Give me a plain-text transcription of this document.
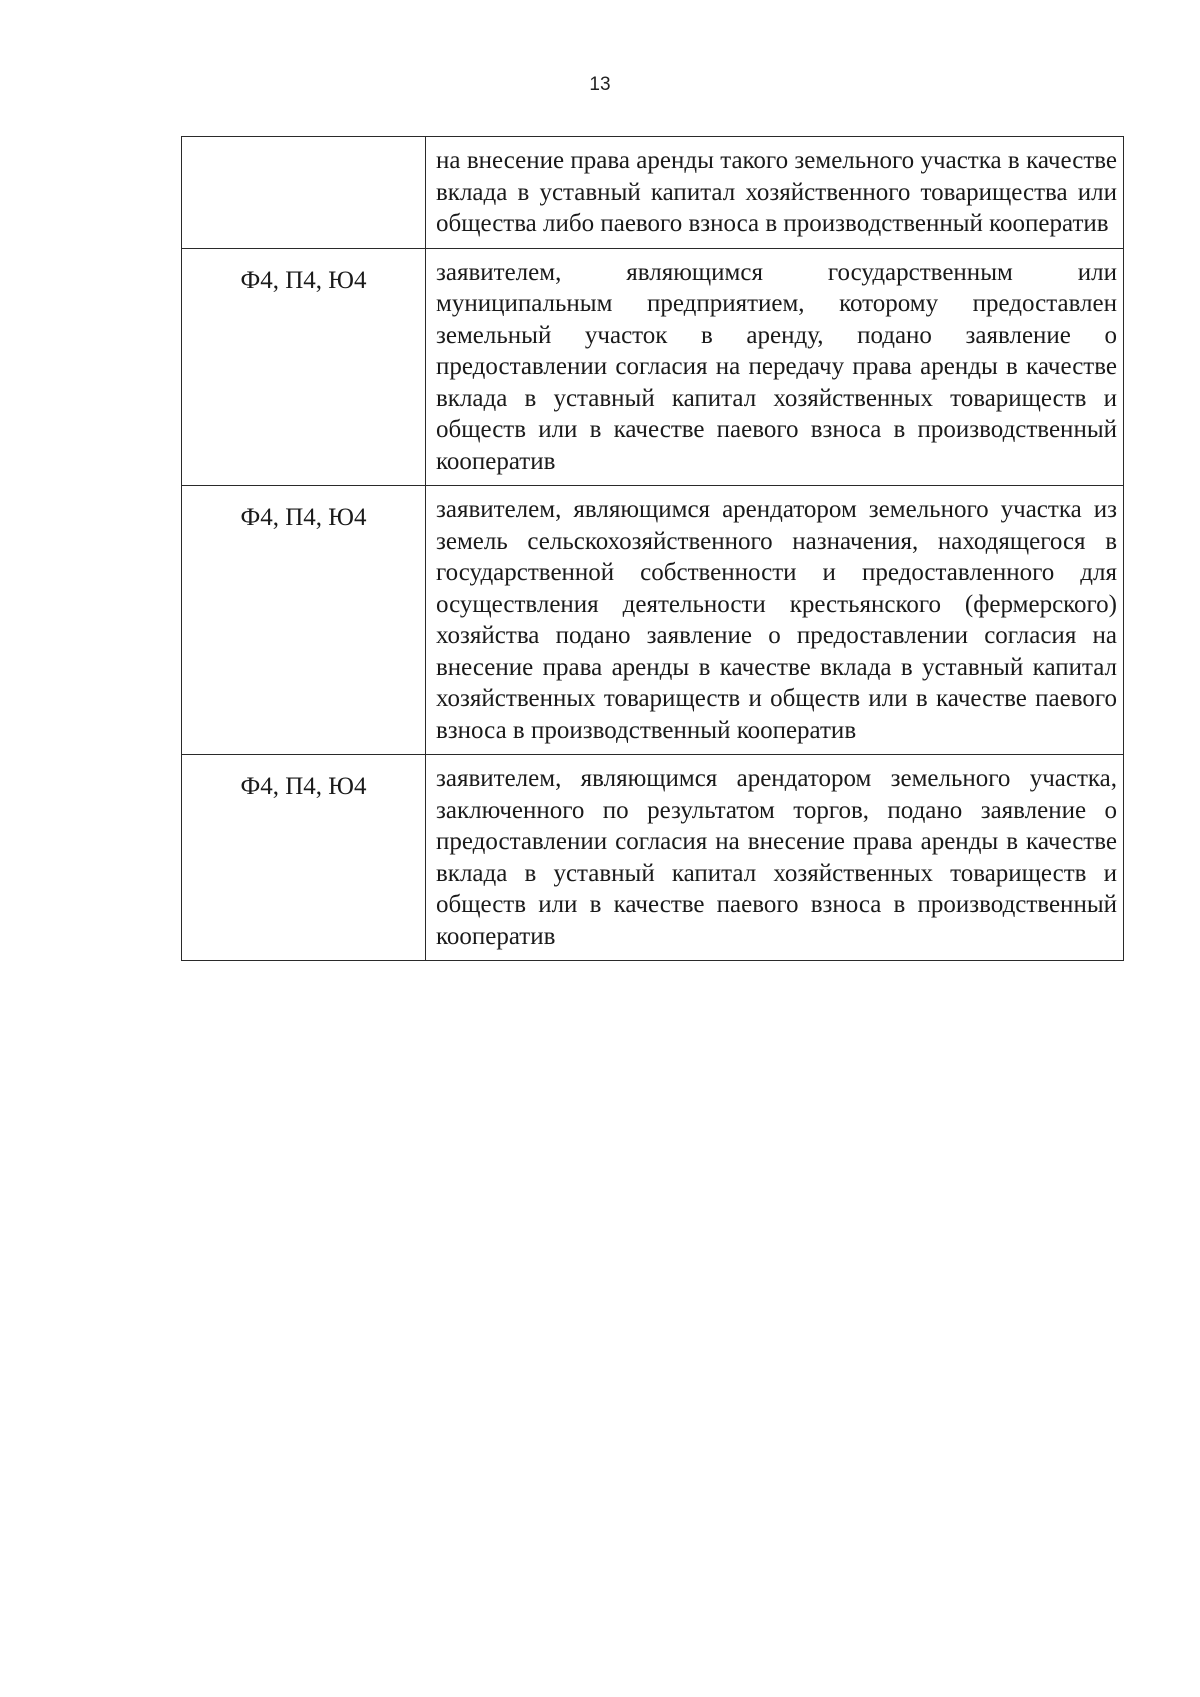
13
	на внесение права аренды такого земельного участка в качестве вклада в уставный капитал хозяйственного товарищества или общества либо паевого взноса в производственный кооператив
Ф4, П4, Ю4	заявителем, являющимся государственным или муниципальным предприятием, которому предоставлен земельный участок в аренду, подано заявление о предоставлении согласия на передачу права аренды в качестве вклада в уставный капитал хозяйственных товариществ и обществ или в качестве паевого взноса в производственный кооператив
Ф4, П4, Ю4	заявителем, являющимся арендатором земельного участка из земель сельскохозяйственного назначения, находящегося в государственной собственности и предоставленного для осуществления деятельности крестьянского (фермерского) хозяйства подано заявление о предоставлении согласия на внесение права аренды в качестве вклада в уставный капитал хозяйственных товариществ и обществ или в качестве паевого взноса в производственный кооператив
Ф4, П4, Ю4	заявителем, являющимся арендатором земельного участка, заключенного по результатом торгов, подано заявление о предоставлении согласия на внесение права аренды в качестве вклада в уставный капитал хозяйственных товариществ и обществ или в качестве паевого взноса в производственный кооператив
